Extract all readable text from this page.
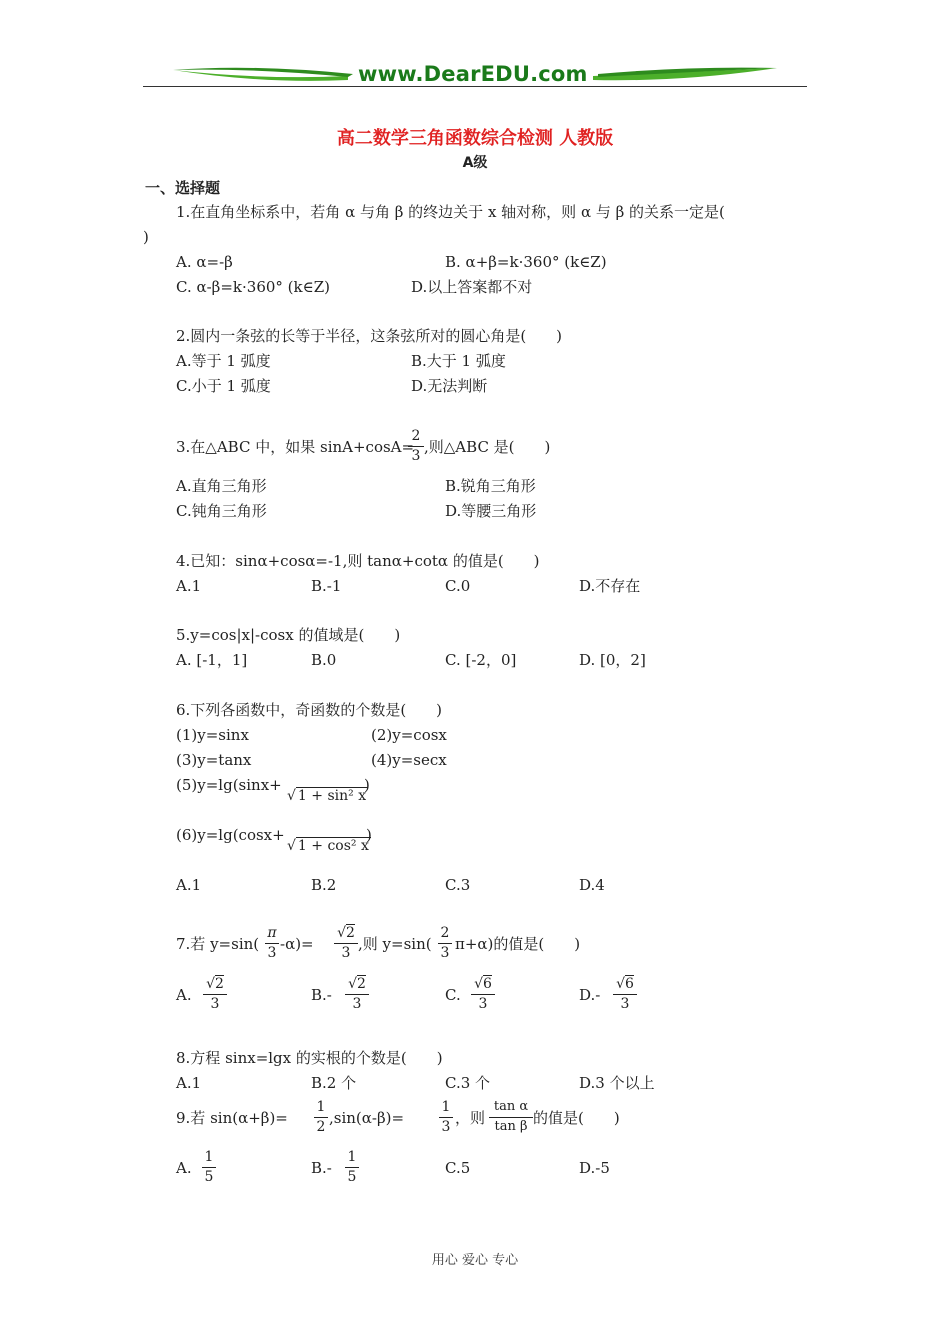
www.DearEDU.com
高二数学三角函数综合检测 人教版
A级
一、选择题
1.在直角坐标系中，若角 α 与角 β 的终边关于 x 轴对称，则 α 与 β 的关系一定是(
)
A. α=-β	B. α+β=k·360° (k∈Z)
C. α-β=k·360° (k∈Z)	D.以上答案都不对
2.圆内一条弦的长等于半径，这条弦所对的圆心角是(　　)
A.等于 1 弧度	B.大于 1 弧度
C.小于 1 弧度	D.无法判断
3.在△ABC 中，如果 sinA+cosA=
2
3 ,则△ABC 是(　　)
A.直角三角形	B.锐角三角形
C.钝角三角形	D.等腰三角形
4.已知：sinα+cosα=-1,则 tanα+cotα 的值是(　　)
A.1	B.-1	C.0	D.不存在
5.y=cos|x|-cosx 的值域是(　　)
A. [-1，1]	B.0	C. [-2，0]	D. [0，2]
6.下列各函数中，奇函数的个数是(　　)
(1)y=sinx	(2)y=cosx
(3)y=tanx	(4)y=secx
(5)y=lg(sinx+
√ 1 + sin² x
)
(6)y=lg(cosx+
√ 1 + cos² x
)
A.1	B.2	C.3	D.4
7.若 y=sin(
π
3 -α)=
√2
3 ,则 y=sin(
2
3 π+α)的值是(　　)
A.
√2
3	B.-
√2
3	C.
√6
3	D.-
√6
3
8.方程 sinx=lgx 的实根的个数是(　　)
A.1	B.2 个	C.3 个	D.3 个以上
9.若 sin(α+β)=
1
2 ,sin(α-β)=
1
3 ，则
tan α
tan β 的值是(　　)
A.
1
5	B.-
1
5	C.5	D.-5
用心 爱心 专心
